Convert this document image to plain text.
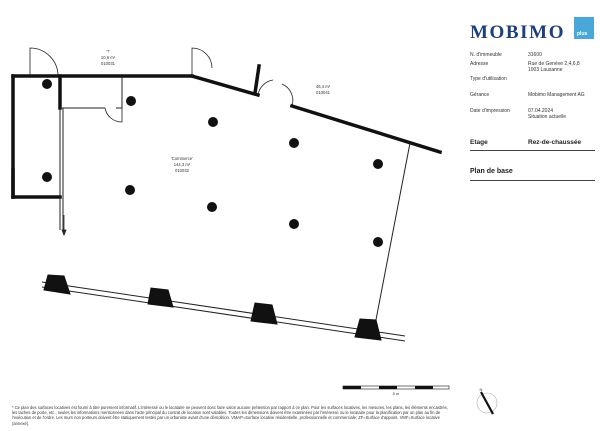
'?'
10,6 m²
010031
46,4 m²
010041
'Commerce'
144,3 m²
010032
5 m
N
MOBIMO plus
N. d'immeuble	31600
Adresse	Rue de Genève 2,4,6,8
1003 Lausanne
Type d'utilisation
Gérance	Mobimo Management AG
Date d'impression	07.04.2024
Situation actuelle
Etage	Rez-de-chaussée
Plan de base
* Ce plan des surfaces locatives est fourni à titre purement informatif. L'intéressé ou le locataire ne peuvent donc faire valoir aucune prétention par rapport à ce plan. Pour les surfaces locatives, les mesures, les plans, les éléments encastrés, les taches de porte, etc., seules les informations mentionnées dans l'acte principal du contrat de location sont valables. Toutes les dimensions doivent être examinées par l'intéressé ou le locataire pour la planification par un plan au fin de l'exécution et de l'ordre. Les murs non porteurs doivent être statiquement testés par un urbaniste avant d'une démolition. VMAP=Surface locative résidentielle, professionnelle et commerciale; ZF=Surface d'appoint, VMF=Surface locative (annexé).
